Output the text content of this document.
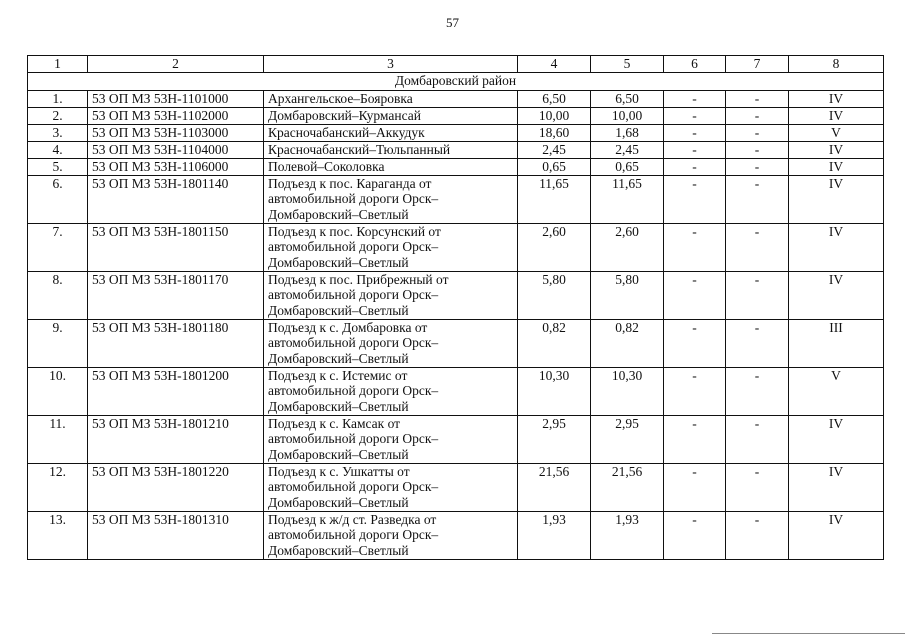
57
1	2	3	4	5	6	7	8
Домбаровский район							
1.	53 ОП МЗ 53Н-1101000	Архангельское–Бояровка	6,50	6,50	-	-	IV
2.	53 ОП МЗ 53Н-1102000	Домбаровский–Курмансай	10,00	10,00	-	-	IV
3.	53 ОП МЗ 53Н-1103000	Красночабанский–Аккудук	18,60	1,68	-	-	V
4.	53 ОП МЗ 53Н-1104000	Красночабанский–Тюльпанный	2,45	2,45	-	-	IV
5.	53 ОП МЗ 53Н-1106000	Полевой–Соколовка	0,65	0,65	-	-	IV
6.	53 ОП МЗ 53Н-1801140	Подъезд к пос. Караганда от
автомобильной дороги Орск–
Домбаровский–Светлый	11,65	11,65	-	-	IV
7.	53 ОП МЗ 53Н-1801150	Подъезд к пос. Корсунский от
автомобильной дороги Орск–
Домбаровский–Светлый	2,60	2,60	-	-	IV
8.	53 ОП МЗ 53Н-1801170	Подъезд к пос. Прибрежный от
автомобильной дороги Орск–
Домбаровский–Светлый	5,80	5,80	-	-	IV
9.	53 ОП МЗ 53Н-1801180	Подъезд к с. Домбаровка от
автомобильной дороги Орск–
Домбаровский–Светлый	0,82	0,82	-	-	III
10.	53 ОП МЗ 53Н-1801200	Подъезд к с. Истемис от
автомобильной дороги Орск–
Домбаровский–Светлый	10,30	10,30	-	-	V
11.	53 ОП МЗ 53Н-1801210	Подъезд к с. Камсак от
автомобильной дороги Орск–
Домбаровский–Светлый	2,95	2,95	-	-	IV
12.	53 ОП МЗ 53Н-1801220	Подъезд к с. Ушкатты от
автомобильной дороги Орск–
Домбаровский–Светлый	21,56	21,56	-	-	IV
13.	53 ОП МЗ 53Н-1801310	Подъезд к ж/д ст. Разведка от
автомобильной дороги Орск–
Домбаровский–Светлый	1,93	1,93	-	-	IV
